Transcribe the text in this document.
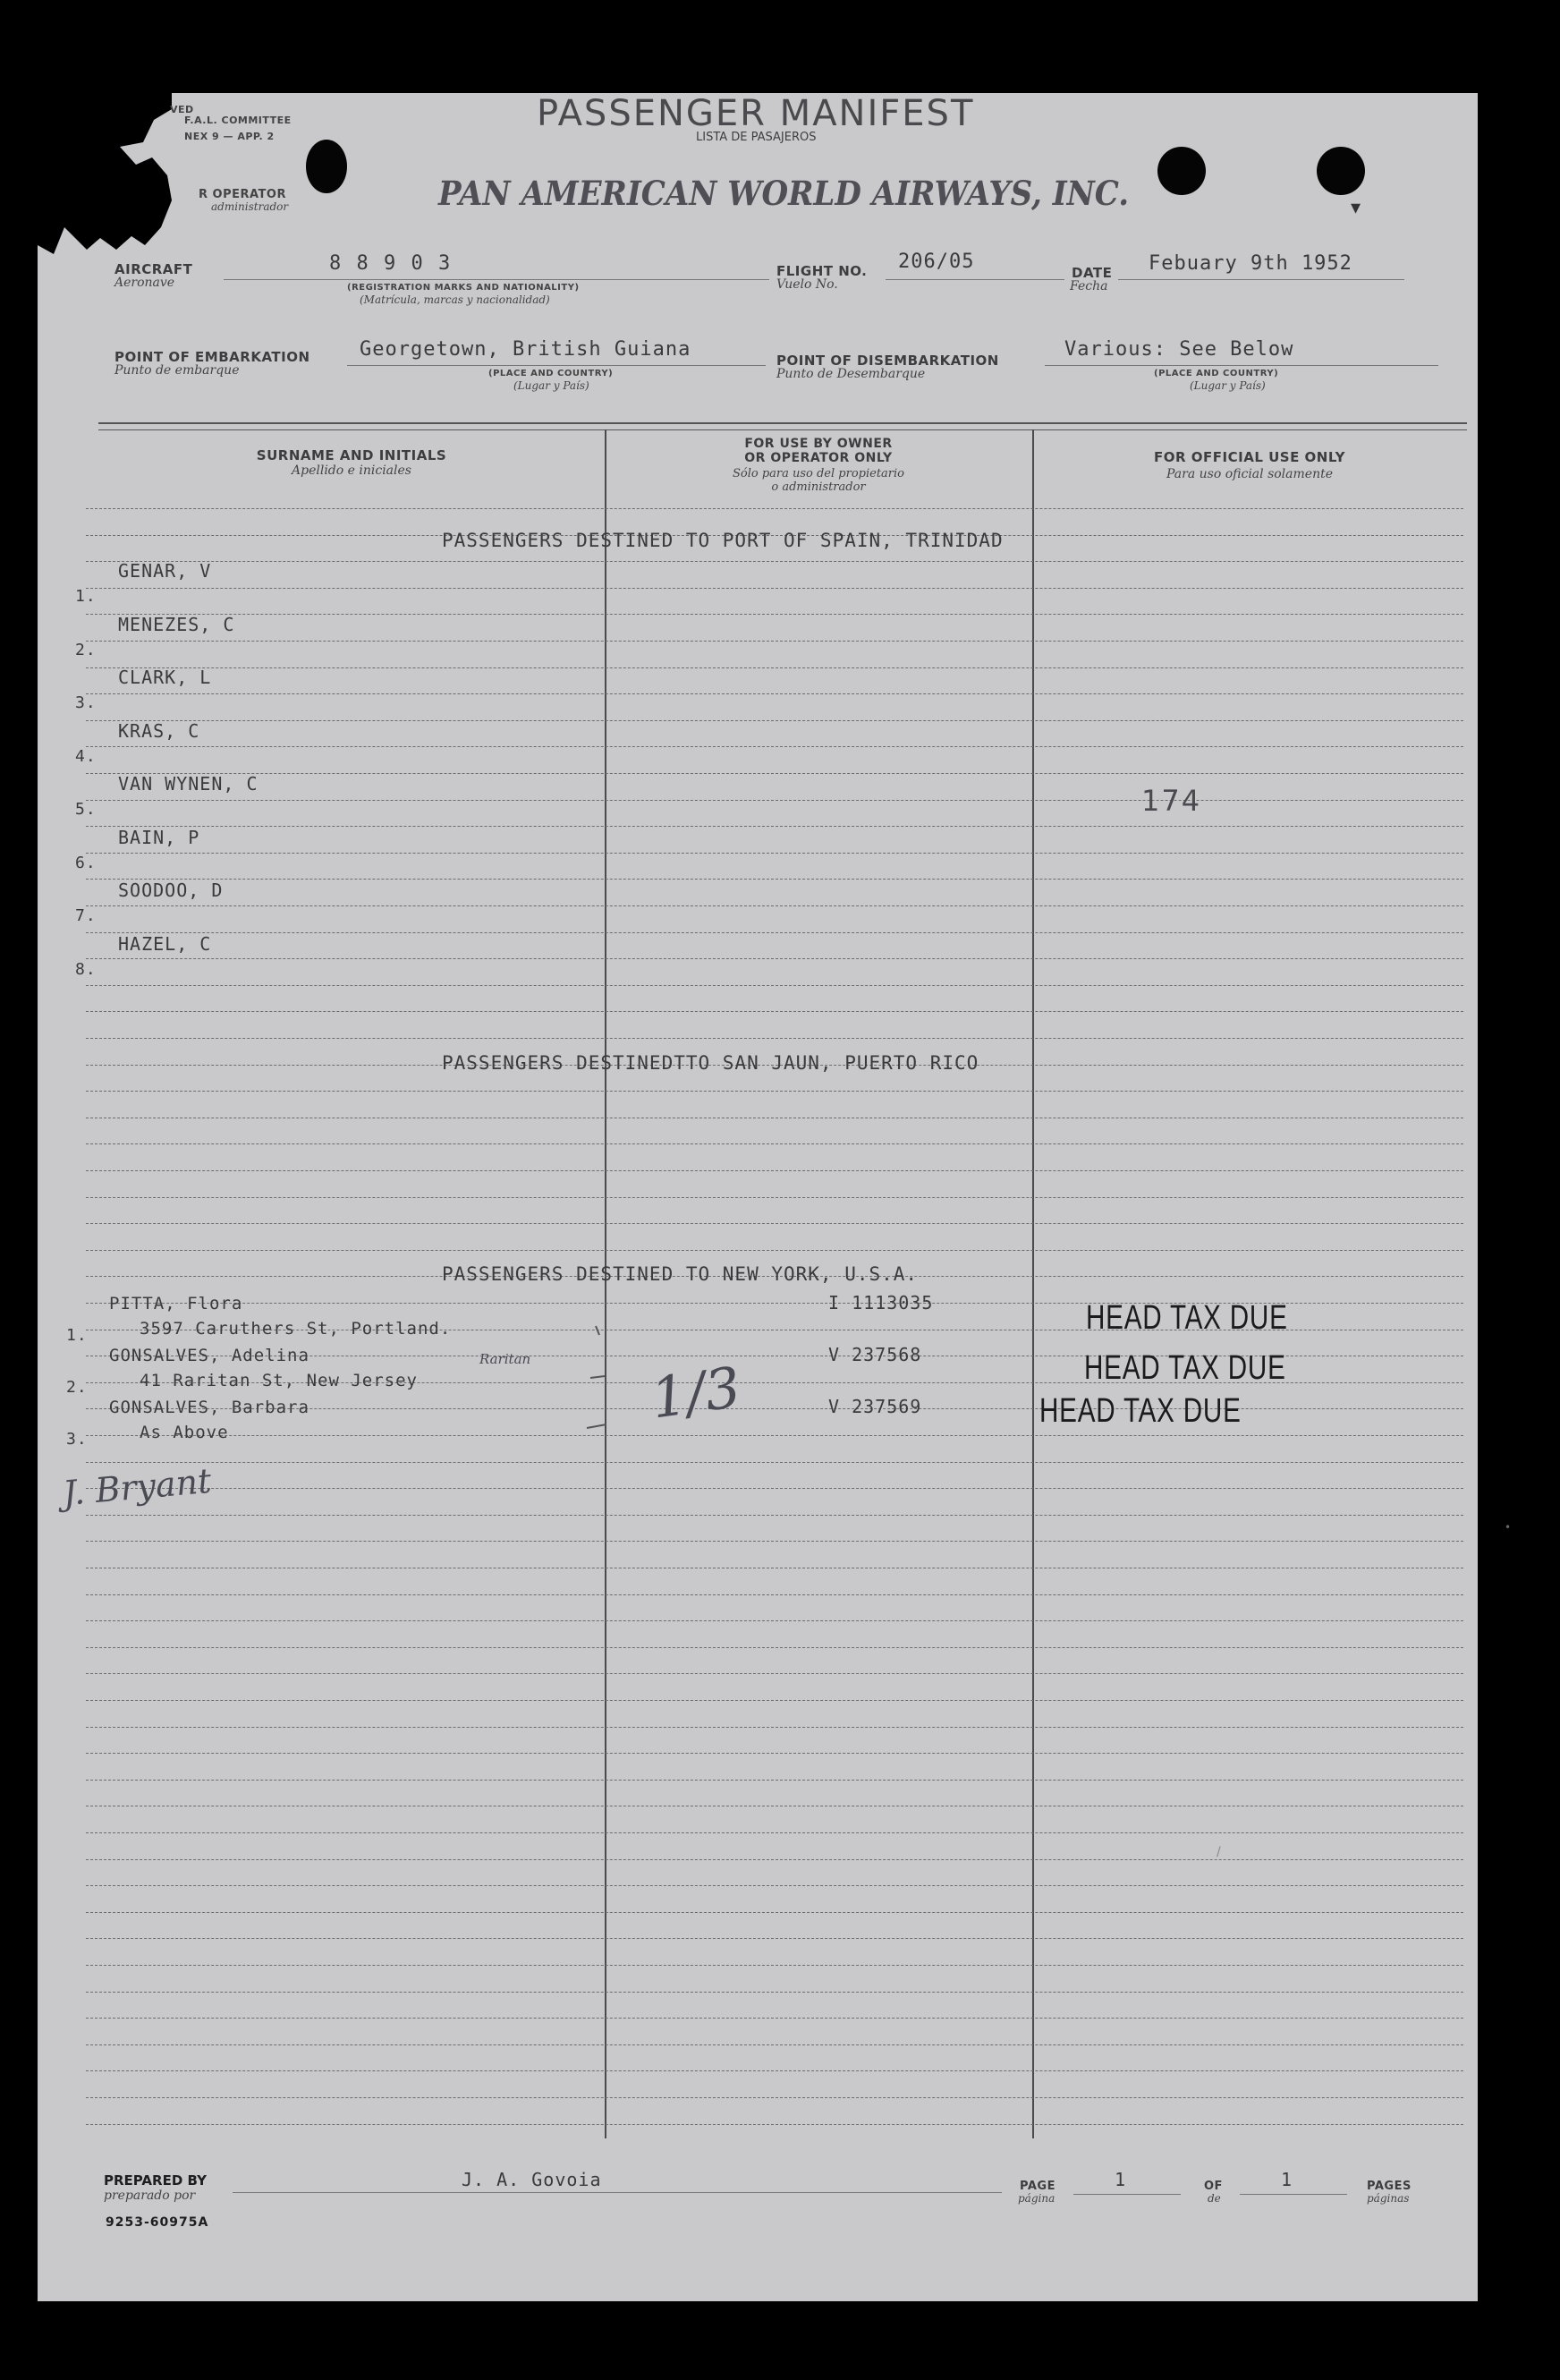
VED
F.A.L. COMMITTEE
NEX 9 — APP. 2
R OPERATOR
administrador
PASSENGER MANIFEST
LISTA DE PASAJEROS
PAN AMERICAN WORLD AIRWAYS, INC.	▾
AIRCRAFT
Aeronave
8 8 9 0 3
(REGISTRATION MARKS AND NATIONALITY)
(Matrícula, marcas y nacionalidad)
FLIGHT NO.
Vuelo No.
206/05	DATE
Fecha
Febuary 9th 1952
POINT OF EMBARKATION
Punto de embarque
Georgetown, British Guiana
(PLACE AND COUNTRY)
(Lugar y País)
POINT OF DISEMBARKATION
Punto de Desembarque
Various: See Below
(PLACE AND COUNTRY)
(Lugar y País)
SURNAME AND INITIALS
Apellido e iniciales
FOR USE BY OWNER
OR OPERATOR ONLY
Sólo para uso del propietario
o administrador
FOR OFFICIAL USE ONLY
Para uso oficial solamente
PASSENGERS DESTINED TO PORT OF SPAIN, TRINIDAD
GENAR, V
1.
MENEZES, C
2.
CLARK, L
3.
KRAS, C
4.
VAN WYNEN, C
5.
BAIN, P
6.
SOODOO, D
7.
HAZEL, C
8.
174
PASSENGERS DESTINEDTTO SAN JAUN, PUERTO RICO
PASSENGERS DESTINED TO NEW YORK, U.S.A.
PITTA, Flora
3597 Caruthers St, Portland.
1.
I 1113035	HEAD TAX DUE
GONSALVES, Adelina
41 Raritan St, New Jersey
2.
V 237568	HEAD TAX DUE
GONSALVES, Barbara
As Above
3.
V 237569	HEAD TAX DUE
Raritan 1/3
J. Bryant
•
/
PREPARED BY
preparado por
J. A. Govoia
9253-60975A
PAGE
página
1	OF
de
1	PAGES
páginas
